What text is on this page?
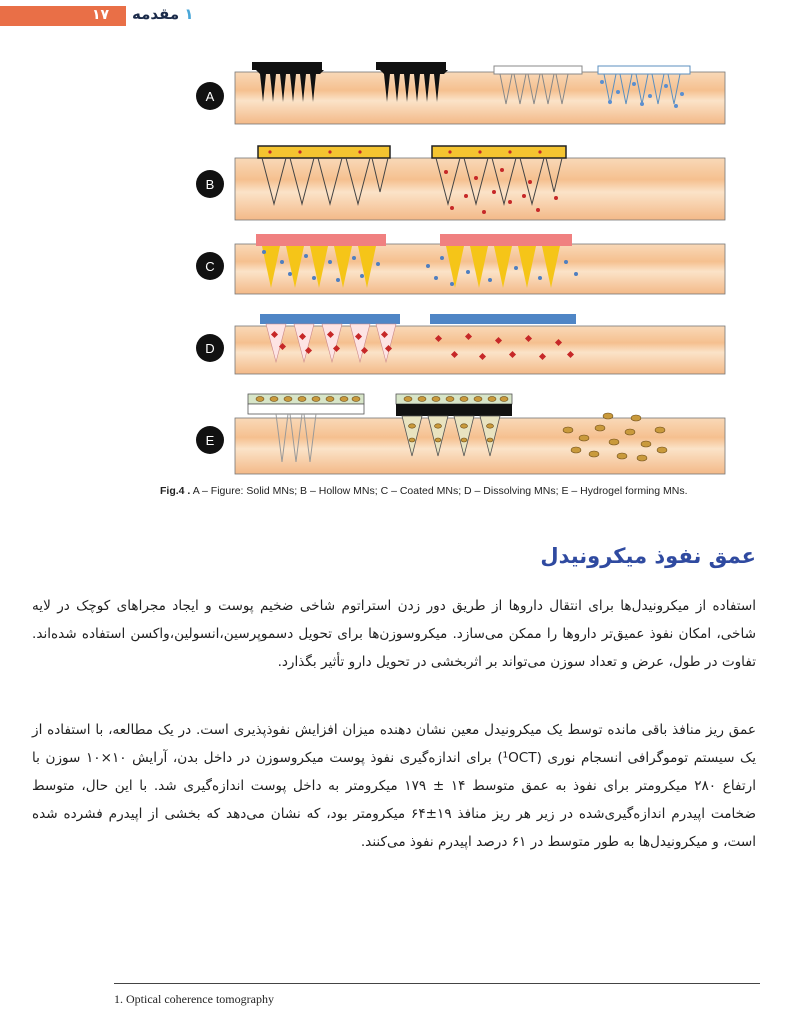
۱۷	۱ مقدمه
A
B
C
D
E
Fig.4 . A – Figure: Solid MNs; B – Hollow MNs; C – Coated MNs; D – Dissolving MNs; E – Hydrogel forming MNs.
عمق نفوذ میکرونیدل
استفاده از میکرونیدل‌ها برای انتقال داروها از طریق دور زدن استراتوم شاخی ضخیم پوست و ایجاد مجراهای کوچک در لایه شاخی، امکان نفوذ عمیق‌تر داروها را ممکن می‌سازد. میکروسوزن‌ها برای تحویل دسموپرسین،انسولین،واکسن استفاده شده‌اند. تفاوت در طول، عرض و تعداد سوزن می‌تواند بر اثربخشی در تحویل دارو تأثیر بگذارد.
عمق ریز منافذ باقی مانده توسط یک میکرونیدل معین نشان دهنده میزان افزایش نفوذپذیری است. در یک مطالعه، با استفاده از یک سیستم توموگرافی انسجام نوری (¹OCT) برای اندازه‌گیری نفوذ پوست میکروسوزن در داخل بدن، آرایش ۱۰×۱۰ سوزن با ارتفاع ۲۸۰ میکرومتر برای نفوذ به عمق متوسط ۱۴ ± ۱۷۹ میکرومتر به داخل پوست اندازه‌گیری شد. با این حال، متوسط ضخامت اپیدرم اندازه‌گیری‌شده در زیر هر ریز منافذ ۱۹±۶۴ میکرومتر بود، که نشان می‌دهد که بخشی از اپیدرم فشرده شده است، و میکرونیدل‌ها به طور متوسط در ۶۱ درصد اپیدرم نفوذ می‌کنند.
1. Optical coherence tomography
